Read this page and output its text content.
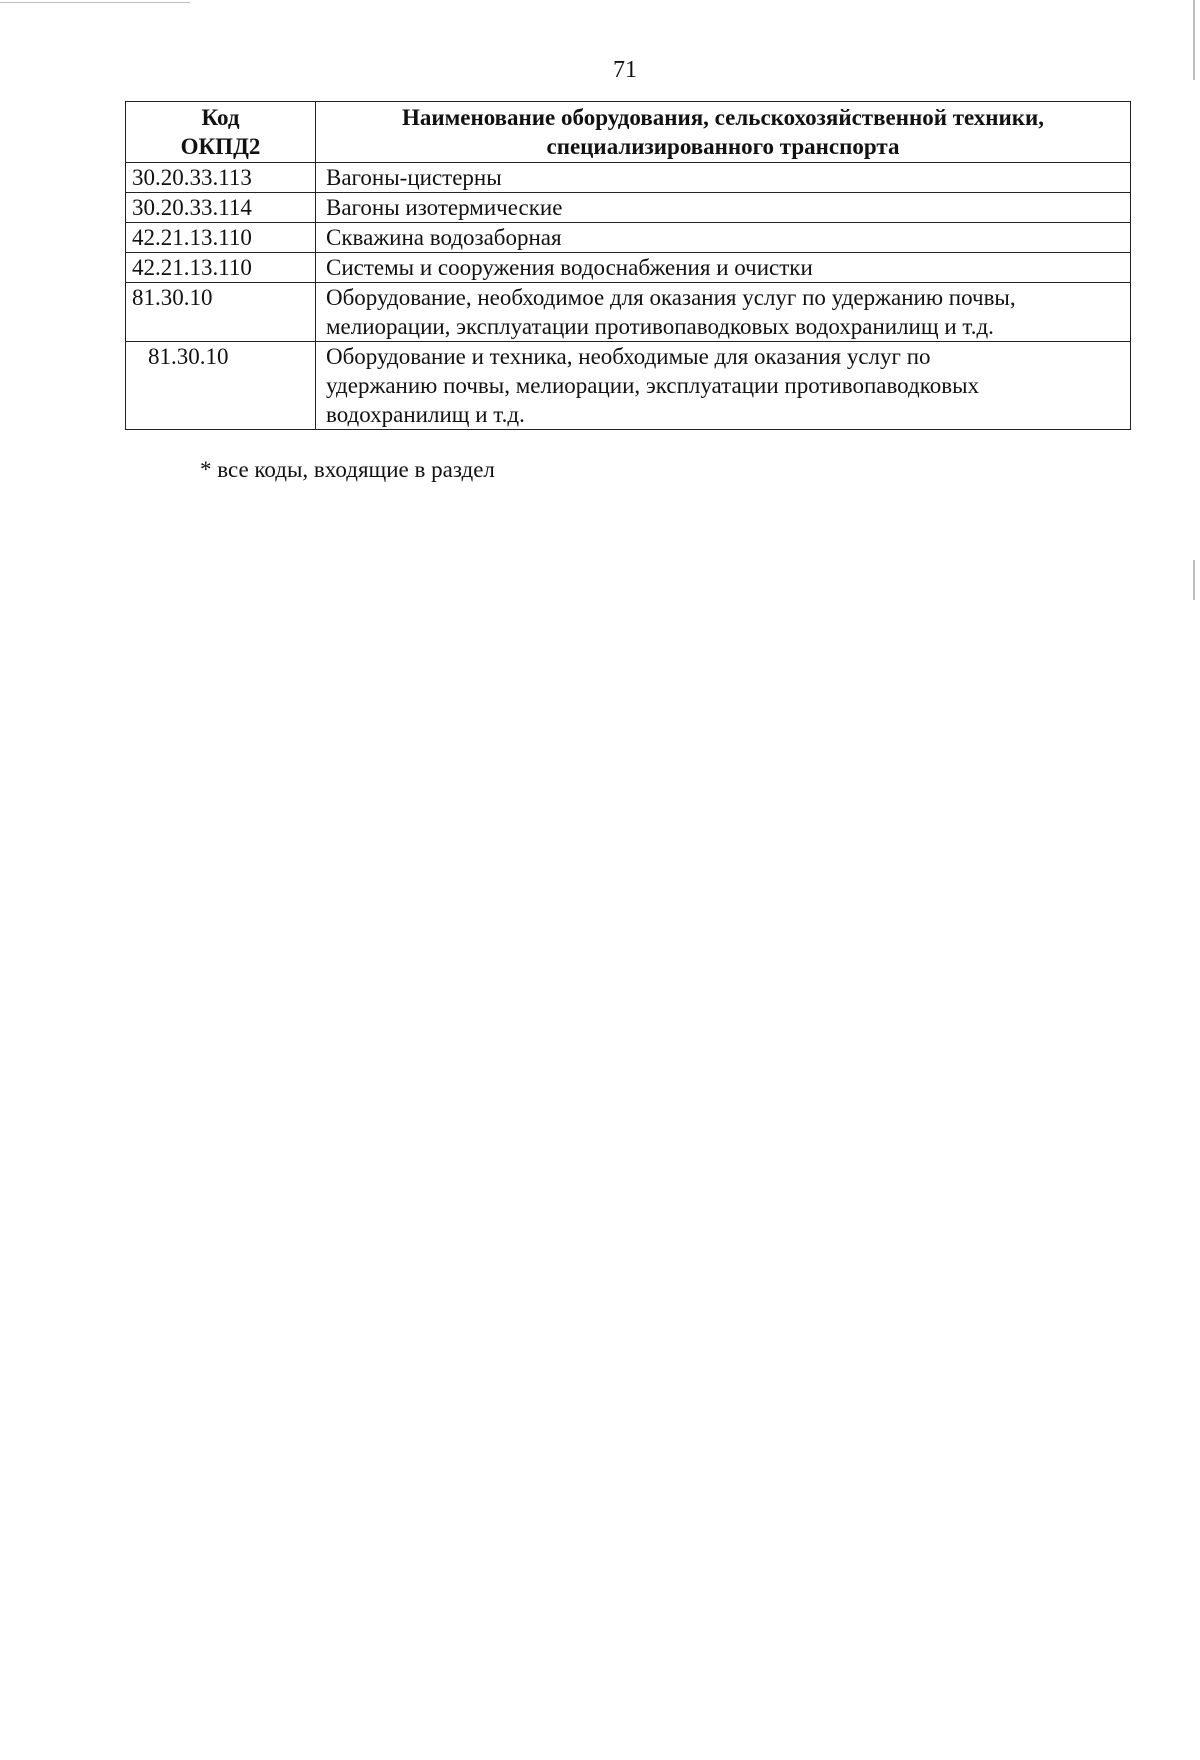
71
Код
ОКПД2	Наименование оборудования, сельскохозяйственной техники,
специализированного транспорта
30.20.33.113	Вагоны-цистерны
30.20.33.114	Вагоны изотермические
42.21.13.110	Скважина водозаборная
42.21.13.110	Системы и сооружения водоснабжения и очистки
81.30.10	Оборудование, необходимое для оказания услуг по удержанию почвы,
мелиорации, эксплуатации противопаводковых водохранилищ и т.д.
81.30.10	Оборудование и техника, необходимые для оказания услуг по
удержанию почвы, мелиорации, эксплуатации противопаводковых
водохранилищ и т.д.
* все коды, входящие в раздел
